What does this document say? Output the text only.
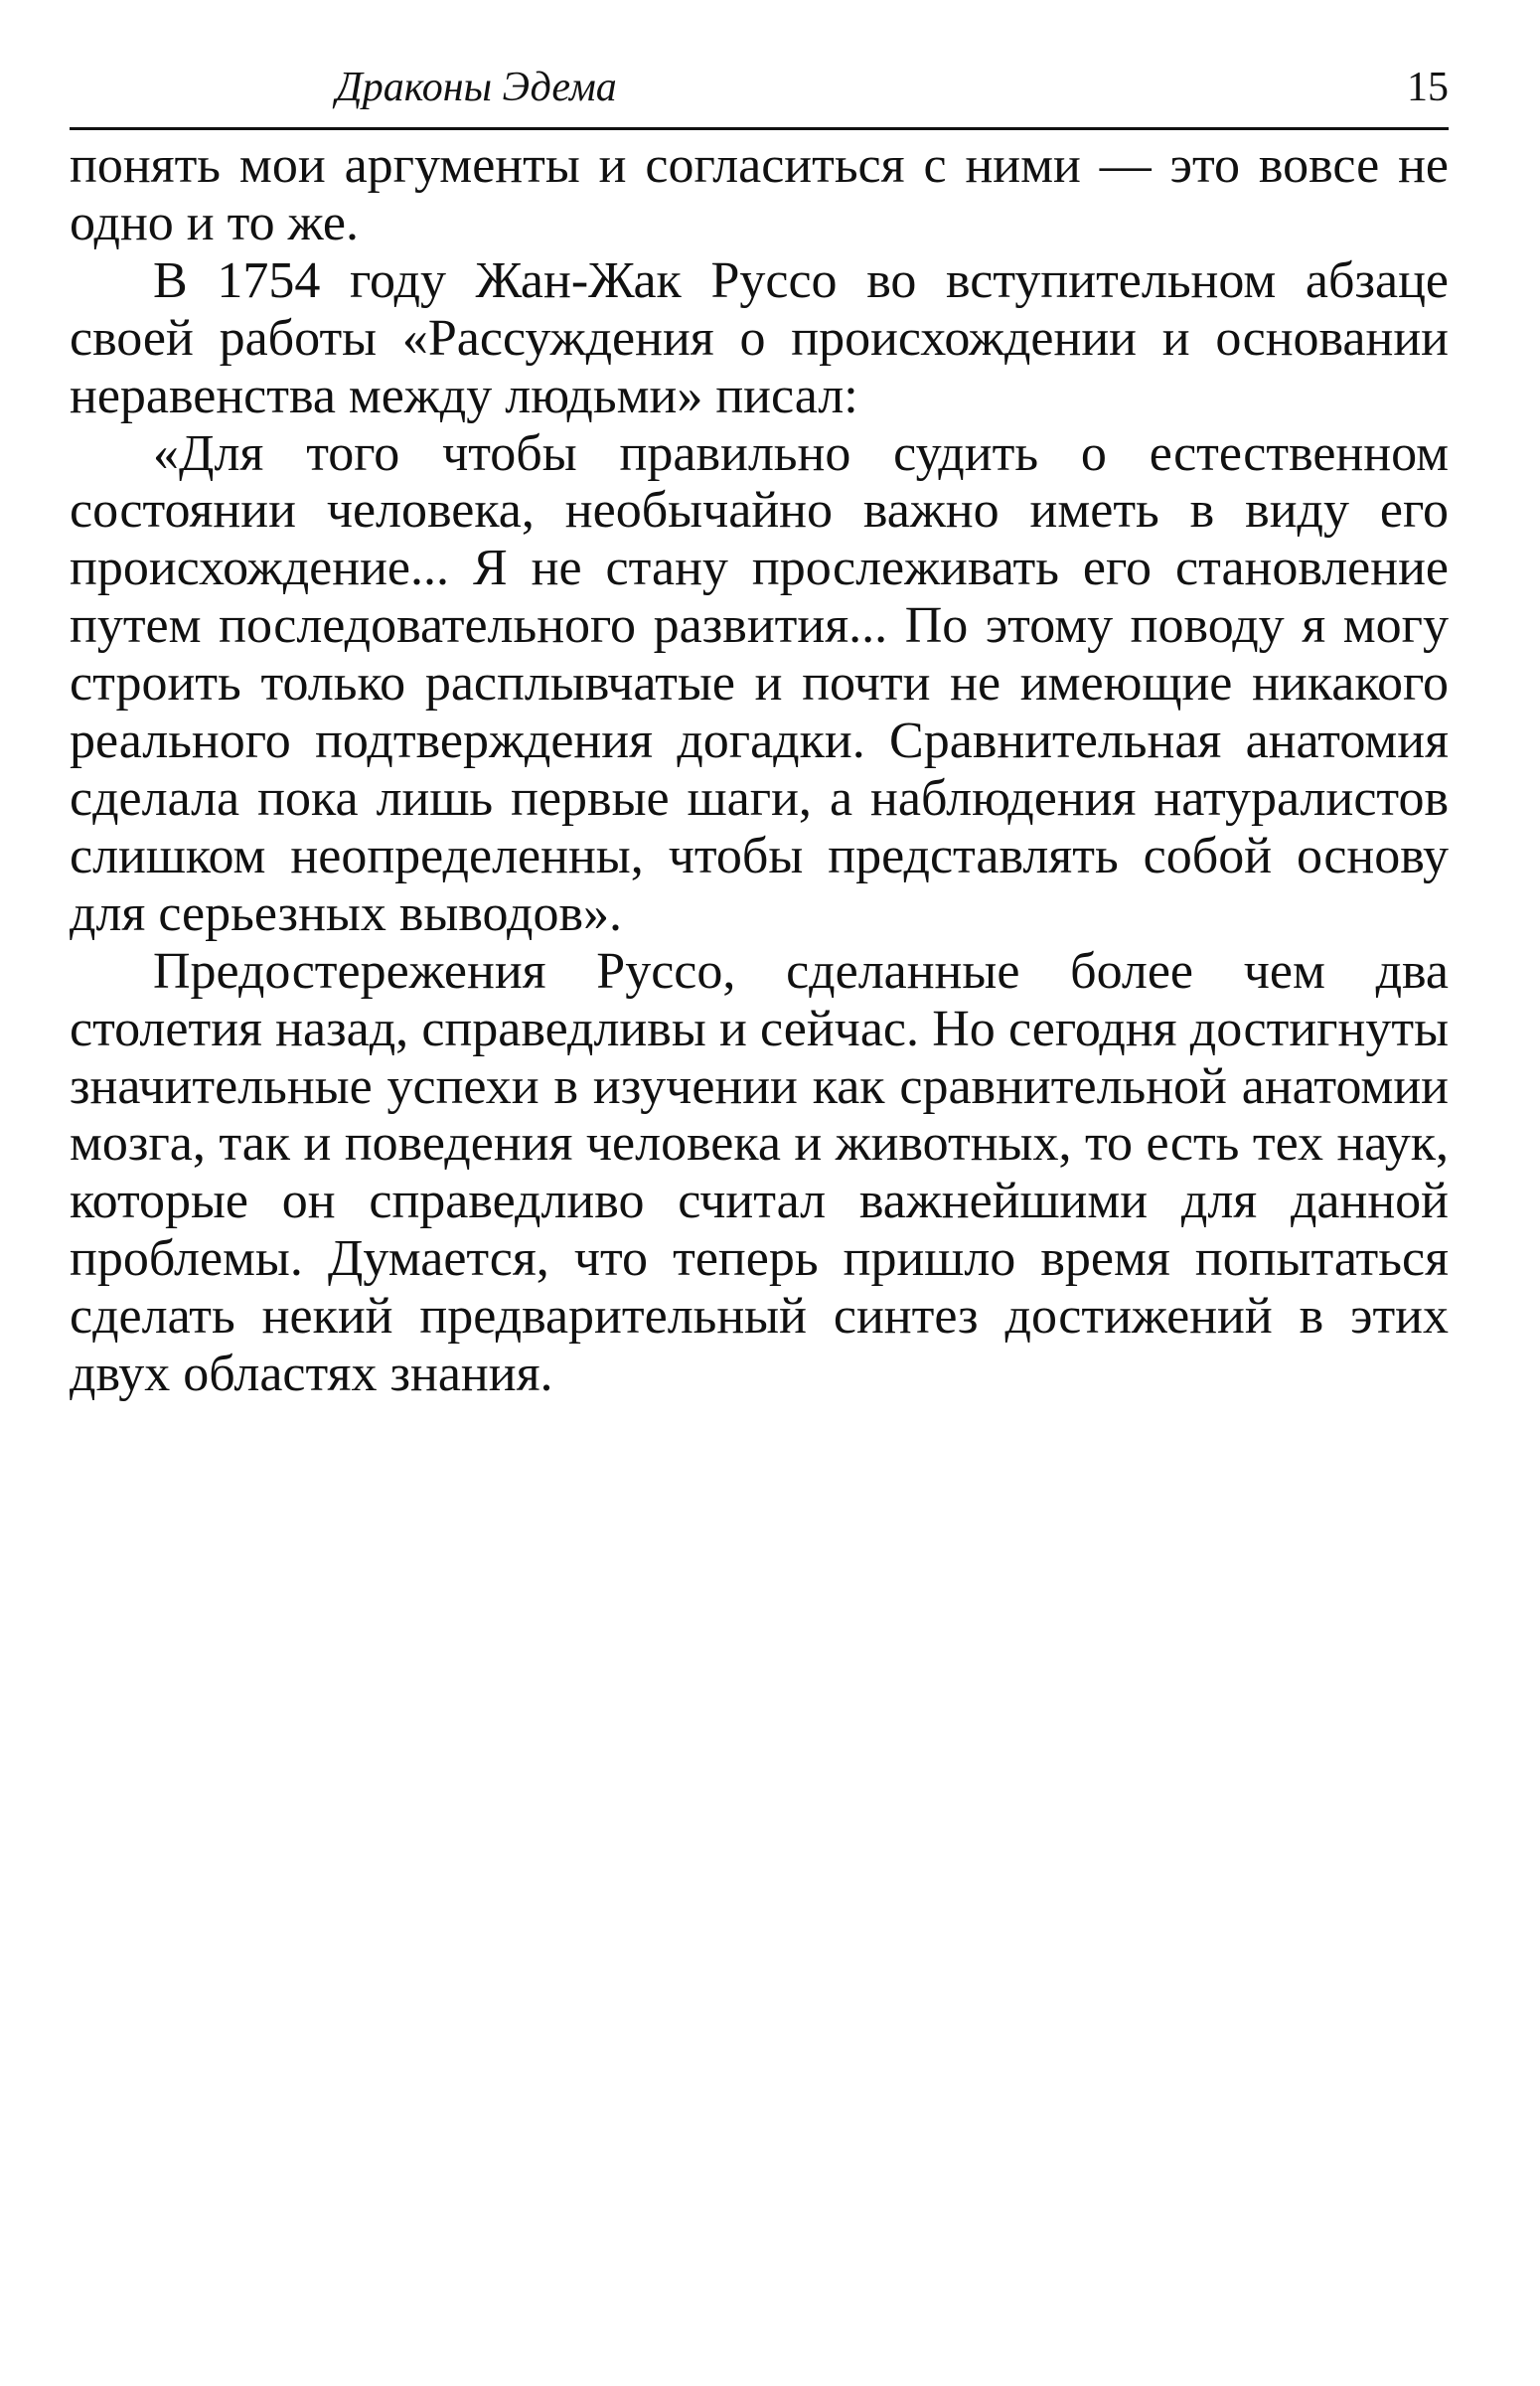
Драконы Эдема	15

понять мои аргументы и согласиться с ними — это вовсе не одно и то же.

В 1754 году Жан-Жак Руссо во вступительном абзаце своей работы «Рассуждения о происхождении и основании неравенства между людьми» писал:

«Для того чтобы правильно судить о естественном состоянии человека, необычайно важно иметь в виду его происхождение... Я не стану прослеживать его становление путем последовательного развития... По этому поводу я могу строить только расплывчатые и почти не имеющие никакого реального подтверждения догадки. Сравнительная анатомия сделала пока лишь первые шаги, а наблюдения натуралистов слишком неопределенны, чтобы представлять собой основу для серьезных выводов».

Предостережения Руссо, сделанные более чем два столетия назад, справедливы и сейчас. Но сегодня достигнуты значительные успехи в изучении как сравнительной анатомии мозга, так и поведения человека и животных, то есть тех наук, которые он справедливо считал важнейшими для данной проблемы. Думается, что теперь пришло время попытаться сделать некий предварительный синтез достижений в этих двух областях знания.
